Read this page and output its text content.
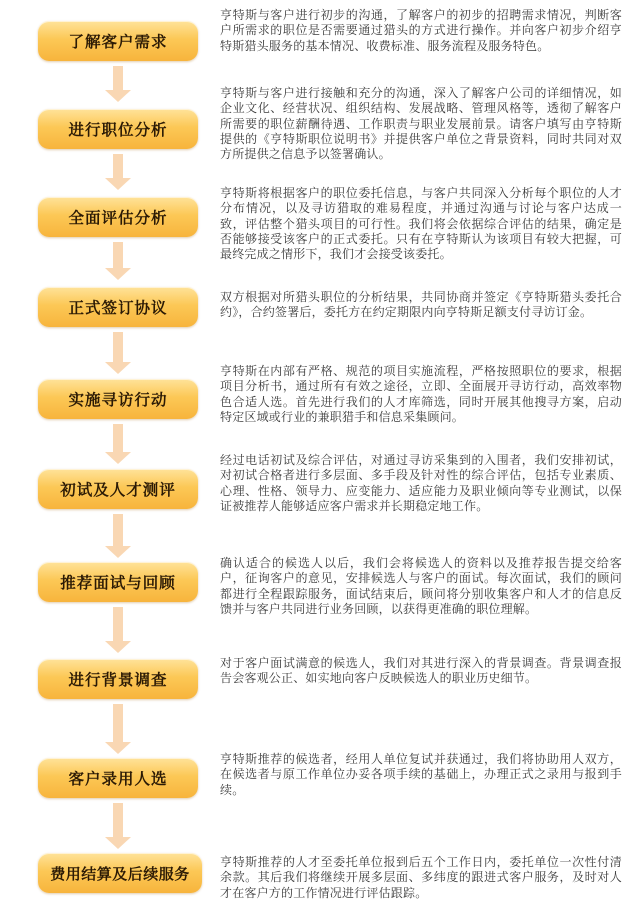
了解客户需求

亨特斯与客户进行初步的沟通，了解客户的初步的招聘需求情况，判断客户所需求的职位是否需要通过猎头的方式进行操作。并向客户初步介绍亨特斯猎头服务的基本情况、收费标准、服务流程及服务特色。

进行职位分析

亨特斯与客户进行接触和充分的沟通，深入了解客户公司的详细情况，如企业文化、经营状况、组织结构、发展战略、管理风格等，透彻了解客户所需要的职位薪酬待遇、工作职责与职业发展前景。请客户填写由亨特斯提供的《亨特斯职位说明书》并提供客户单位之背景资料，同时共同对双方所提供之信息予以签署确认。

全面评估分析

亨特斯将根据客户的职位委托信息，与客户共同深入分析每个职位的人才分布情况，以及寻访猎取的难易程度，并通过沟通与讨论与客户达成一致，评估整个猎头项目的可行性。我们将会依据综合评估的结果，确定是否能够接受该客户的正式委托。只有在亨特斯认为该项目有较大把握，可最终完成之情形下，我们才会接受该委托。

正式签订协议

双方根据对所猎头职位的分析结果，共同协商并签定《亨特斯猎头委托合约》，合约签署后，委托方在约定期限内向亨特斯足额支付寻访订金。

实施寻访行动

亨特斯在内部有严格、规范的项目实施流程，严格按照职位的要求，根据项目分析书，通过所有有效之途径，立即、全面展开寻访行动，高效率物色合适人选。首先进行我们的人才库筛选，同时开展其他搜寻方案，启动特定区域或行业的兼职猎手和信息采集顾问。

初试及人才测评

经过电话初试及综合评估，对通过寻访采集到的入围者，我们安排初试，对初试合格者进行多层面、多手段及针对性的综合评估，包括专业素质、心理、性格、领导力、应变能力、适应能力及职业倾向等专业测试，以保证被推荐人能够适应客户需求并长期稳定地工作。

推荐面试与回顾

确认适合的候选人以后，我们会将候选人的资料以及推荐报告提交给客户，征询客户的意见，安排候选人与客户的面试。每次面试，我们的顾问都进行全程跟踪服务，面试结束后，顾问将分别收集客户和人才的信息反馈并与客户共同进行业务回顾，以获得更准确的职位理解。

进行背景调查

对于客户面试满意的候选人，我们对其进行深入的背景调查。背景调查报告会客观公正、如实地向客户反映候选人的职业历史细节。

客户录用人选

亨特斯推荐的候选者，经用人单位复试并获通过，我们将协助用人双方，在候选者与原工作单位办妥各项手续的基础上，办理正式之录用与报到手续。

费用结算及后续服务

亨特斯推荐的人才至委托单位报到后五个工作日内，委托单位一次性付清余款。其后我们将继续开展多层面、多纬度的跟进式客户服务，及时对人才在客户方的工作情况进行评估跟踪。
